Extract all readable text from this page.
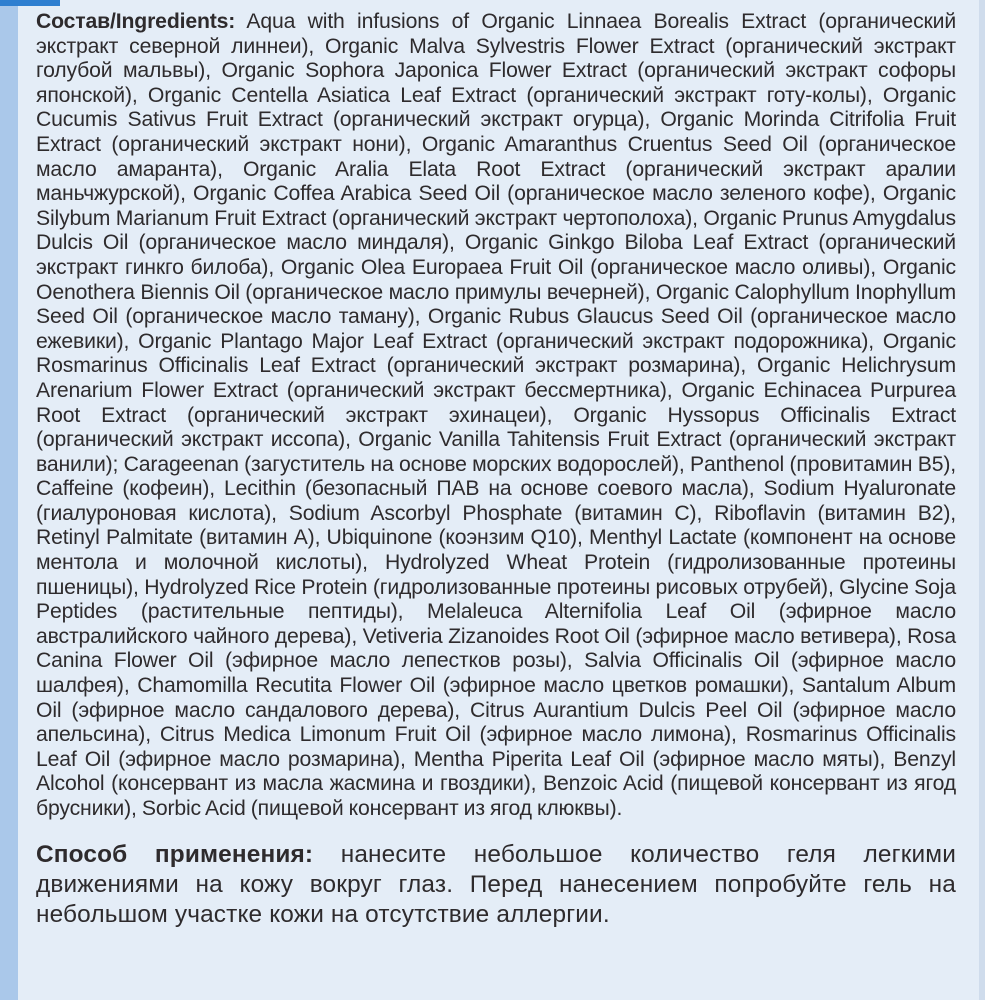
Состав/Ingredients: Aqua with infusions of Organic Linnaea Borealis Extract (органический экстракт северной линнеи), Organic Malva Sylvestris Flower Extract (органический экстракт голубой мальвы), Organic Sophora Japonica Flower Extract (органический экстракт софоры японской), Organic Centella Asiatica Leaf Extract (органический экстракт готу-колы), Organic Cucumis Sativus Fruit Extract (органический экстракт огурца), Organic Morinda Citrifolia Fruit Extract (органический экстракт нони), Organic Amaranthus Cruentus Seed Oil (органическое масло амаранта), Organic Aralia Elata Root Extract (органический экстракт аралии маньчжурской), Organic Coffea Arabica Seed Oil (органическое масло зеленого кофе), Organic Silybum Marianum Fruit Extract (органический экстракт чертополоха), Organic Prunus Amygdalus Dulcis Oil (органическое масло миндаля), Organic Ginkgo Biloba Leaf Extract (органический экстракт гинкго билоба), Organic Olea Europaea Fruit Oil (органическое масло оливы), Organic Oenothera Biennis Oil (органическое масло примулы вечерней), Organic Calophyllum Inophyllum Seed Oil (органическое масло таману), Organic Rubus Glaucus Seed Oil (органическое масло ежевики), Organic Plantago Major Leaf Extract (органический экстракт подорожника), Organic Rosmarinus Officinalis Leaf Extract (органический экстракт розмарина), Organic Helichrysum Arenarium Flower Extract (органический экстракт бессмертника), Organic Echinacea Purpurea Root Extract (органический экстракт эхинацеи), Organic Hyssopus Officinalis Extract (органический экстракт иссопа), Organic Vanilla Tahitensis Fruit Extract (органический экстракт ванили); Carageenan (загуститель на основе морских водорослей), Panthenol (провитамин В5), Caffeine (кофеин), Lecithin (безопасный ПАВ на основе соевого масла), Sodium Hyaluronate (гиалуроновая кислота), Sodium Ascorbyl Phosphate (витамин С), Riboflavin (витамин В2), Retinyl Palmitate (витамин А), Ubiquinone (коэнзим Q10), Menthyl Lactate (компонент на основе ментола и молочной кислоты), Hydrolyzed Wheat Protein (гидролизованные протеины пшеницы), Hydrolyzed Rice Protein (гидролизованные протеины рисовых отрубей), Glycine Soja Peptides (растительные пептиды), Melaleuca Alternifolia Leaf Oil (эфирное масло австралийского чайного дерева), Vetiveria Zizanoides Root Oil (эфирное масло ветивера), Rosa Canina Flower Oil (эфирное масло лепестков розы), Salvia Officinalis Oil (эфирное масло шалфея), Chamomilla Recutita Flower Oil (эфирное масло цветков ромашки), Santalum Album Oil (эфирное масло сандалового дерева), Citrus Aurantium Dulcis Peel Oil (эфирное масло апельсина), Citrus Medica Limonum Fruit Oil (эфирное масло лимона), Rosmarinus Officinalis Leaf Oil (эфирное масло розмарина), Mentha Piperita Leaf Oil (эфирное масло мяты), Benzyl Alcohol (консервант из масла жасмина и гвоздики), Benzoic Acid (пищевой консервант из ягод брусники), Sorbic Acid (пищевой консервант из ягод клюквы).

Способ применения: нанесите небольшое количество геля легкими движениями на кожу вокруг глаз. Перед нанесением попробуйте гель на небольшом участке кожи на отсутствие аллергии.
